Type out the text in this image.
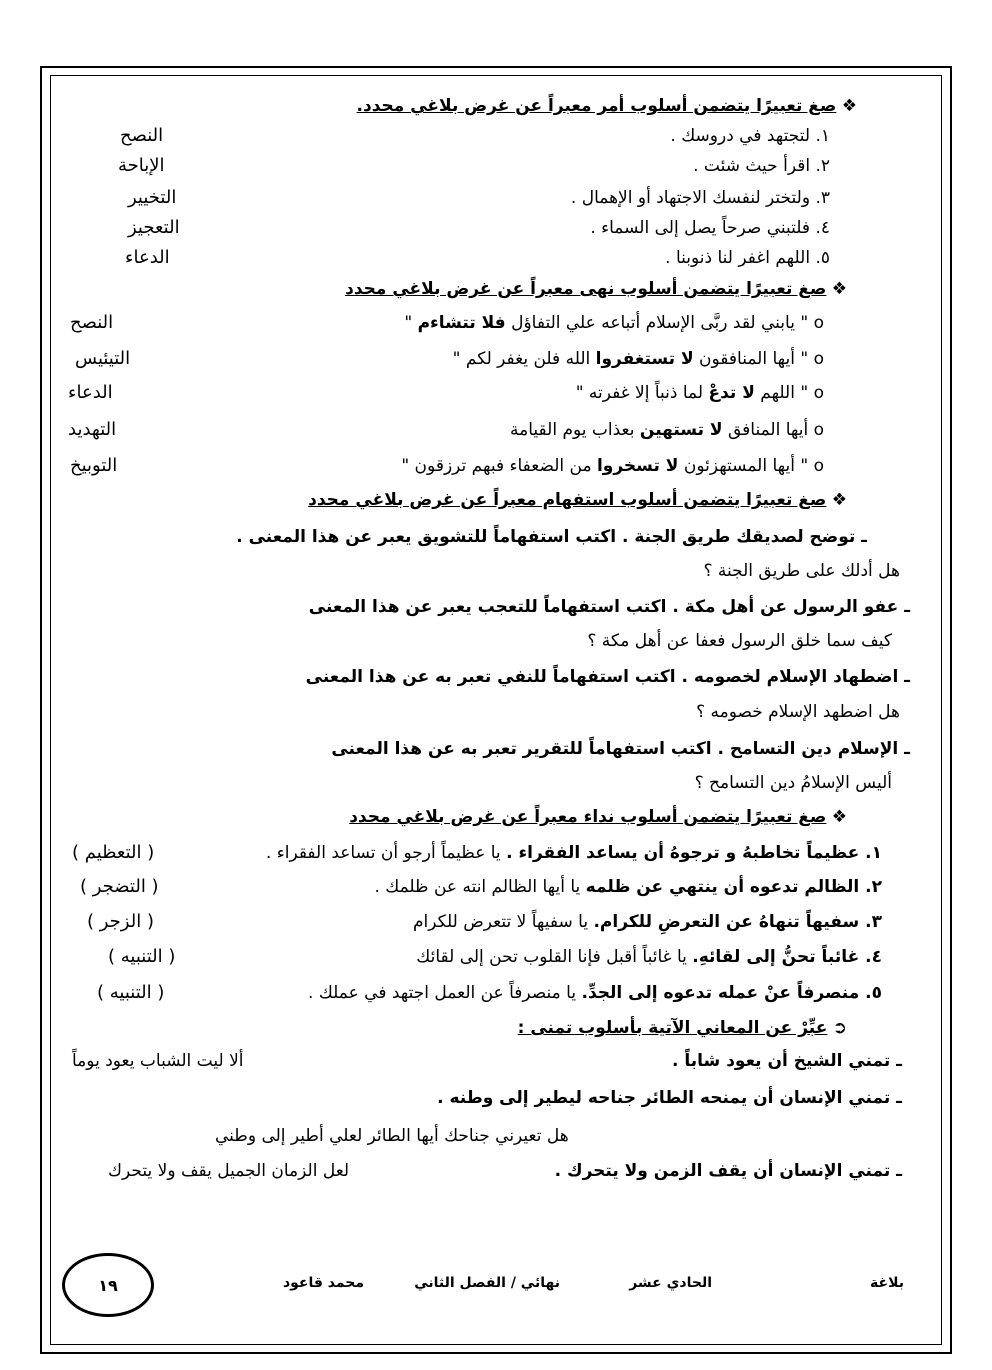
❖ صغ تعبيرًا يتضمن أسلوب أمر معبراً عن غرض بلاغي محدد.
١. لتجتهد في دروسك .
النصح
٢. اقرأ حيث شئت .
الإباحة
٣. ولتختر لنفسك الاجتهاد أو الإهمال .
التخيير
٤. فلتبني صرحاً يصل إلى السماء .
التعجيز
٥. اللهم اغفر لنا ذنوبنا .
الدعاء
❖ صغ تعبيرًا يتضمن أسلوب نهى معبراً عن غرض بلاغي محدد
o " يابني لقد ربَّى الإسلام أتباعه علي التفاؤل فلا تتشاءم "
النصح
o " أيها المنافقون لا تستغفروا الله فلن يغفر لكم "
التيئيس
o " اللهم لا تدعْ لما ذنباً إلا غفرته "
الدعاء
o أيها المنافق لا تستهين بعذاب يوم القيامة
التهديد
o " أيها المستهزئون لا تسخروا من الضعفاء فبهم ترزقون "
التوبيخ
❖ صغ تعبيرًا يتضمن أسلوب استفهام معبراً عن غرض بلاغي محدد
ـ توضح لصديقك طريق الجنة . اكتب استفهاماً للتشويق يعبر عن هذا المعنى .
هل أدلك على طريق الجنة ؟
ـ عفو الرسول عن أهل مكة . اكتب استفهاماً للتعجب يعبر عن هذا المعنى
كيف سما خلق الرسول فعفا عن أهل مكة ؟
ـ اضطهاد الإسلام لخصومه . اكتب استفهاماً للنفي تعبر به عن هذا المعنى
هل اضطهد الإسلام خصومه ؟
ـ الإسلام دين التسامح . اكتب استفهاماً للتقرير تعبر به عن هذا المعنى
أليس الإسلامُ دين التسامح ؟
❖ صغ تعبيرًا يتضمن أسلوب نداء معبراً عن غرض بلاغي محدد
١. عظيماً تخاطبهُ و ترجوهُ أن يساعد الفقراء . يا عظيماً أرجو أن تساعد الفقراء .
( التعظيم )
٢. الظالم تدعوه أن ينتهي عن ظلمه يا أيها الظالم انته عن ظلمك .
( التضجر )
٣. سفيهاً تنهاهُ عن التعرضِ للكرام. يا سفيهاً لا تتعرض للكرام
( الزجر )
٤. غائباً تحنُّ إلى لقائهِ. يا غائباً أقبل فإنا القلوب تحن إلى لقائك
( التنبيه )
٥. منصرفاً عنْ عمله تدعوه إلى الجدِّ. يا منصرفاً عن العمل اجتهد في عملك .
( التنبيه )
➲ عبِّرْ عن المعاني الآتية بأسلوب تمنى :
ـ تمني الشيخ أن يعود شاباً .
ألا ليت الشباب يعود يوماً
ـ تمني الإنسان أن يمنحه الطائر جناحه ليطير إلى وطنه .
هل تعيرني جناحك أيها الطائر لعلي أطير إلى وطني
ـ تمني الإنسان أن يقف الزمن ولا يتحرك .
لعل الزمان الجميل يقف ولا يتحرك
بلاغة
الحادي عشر
نهائي / الفصل الثاني
محمد قاعود
١٩
